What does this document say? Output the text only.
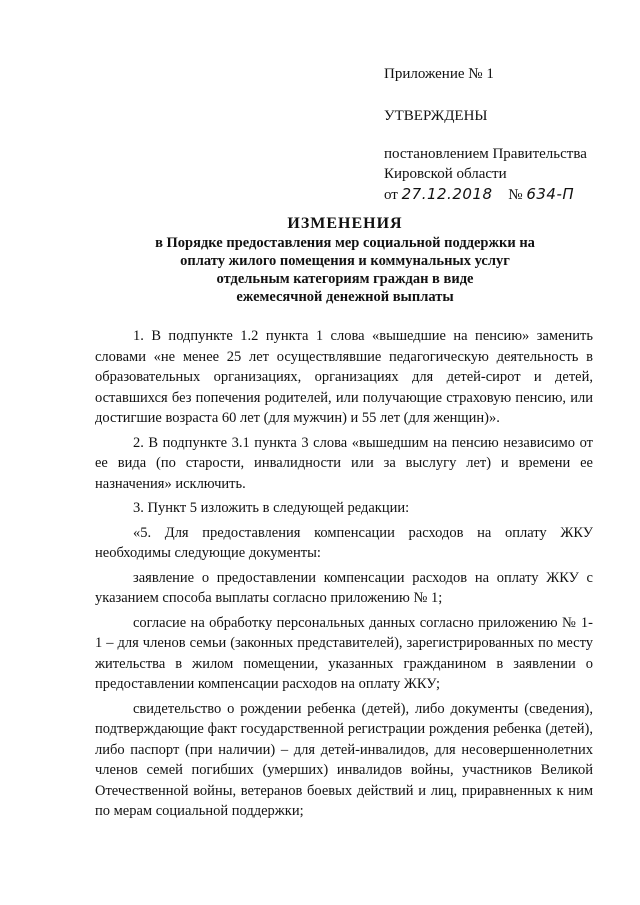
Приложение № 1
УТВЕРЖДЕНЫ
постановлением Правительства
Кировской области
от 27.12.2018 № 634-П
ИЗМЕНЕНИЯ
в Порядке предоставления мер социальной поддержки на
оплату жилого помещения и коммунальных услуг
отдельным категориям граждан в виде
ежемесячной денежной выплаты

1. В подпункте 1.2 пункта 1 слова «вышедшие на пенсию» заменить словами «не менее 25 лет осуществлявшие педагогическую деятельность в образовательных организациях, организациях для детей-сирот и детей, оставшихся без попечения родителей, или получающие страховую пенсию, или достигшие возраста 60 лет (для мужчин) и 55 лет (для женщин)».

2. В подпункте 3.1 пункта 3 слова «вышедшим на пенсию независимо от ее вида (по старости, инвалидности или за выслугу лет) и времени ее назначения» исключить.

3. Пункт 5 изложить в следующей редакции:

«5. Для предоставления компенсации расходов на оплату ЖКУ необходимы следующие документы:

заявление о предоставлении компенсации расходов на оплату ЖКУ с указанием способа выплаты согласно приложению № 1;

согласие на обработку персональных данных согласно приложению № 1-1 – для членов семьи (законных представителей), зарегистрированных по месту жительства в жилом помещении, указанных гражданином в заявлении о предоставлении компенсации расходов на оплату ЖКУ;

свидетельство о рождении ребенка (детей), либо документы (сведения), подтверждающие факт государственной регистрации рождения ребенка (детей), либо паспорт (при наличии) – для детей-инвалидов, для несовершеннолетних членов семей погибших (умерших) инвалидов войны, участников Великой Отечественной войны, ветеранов боевых действий и лиц, приравненных к ним по мерам социальной поддержки;
